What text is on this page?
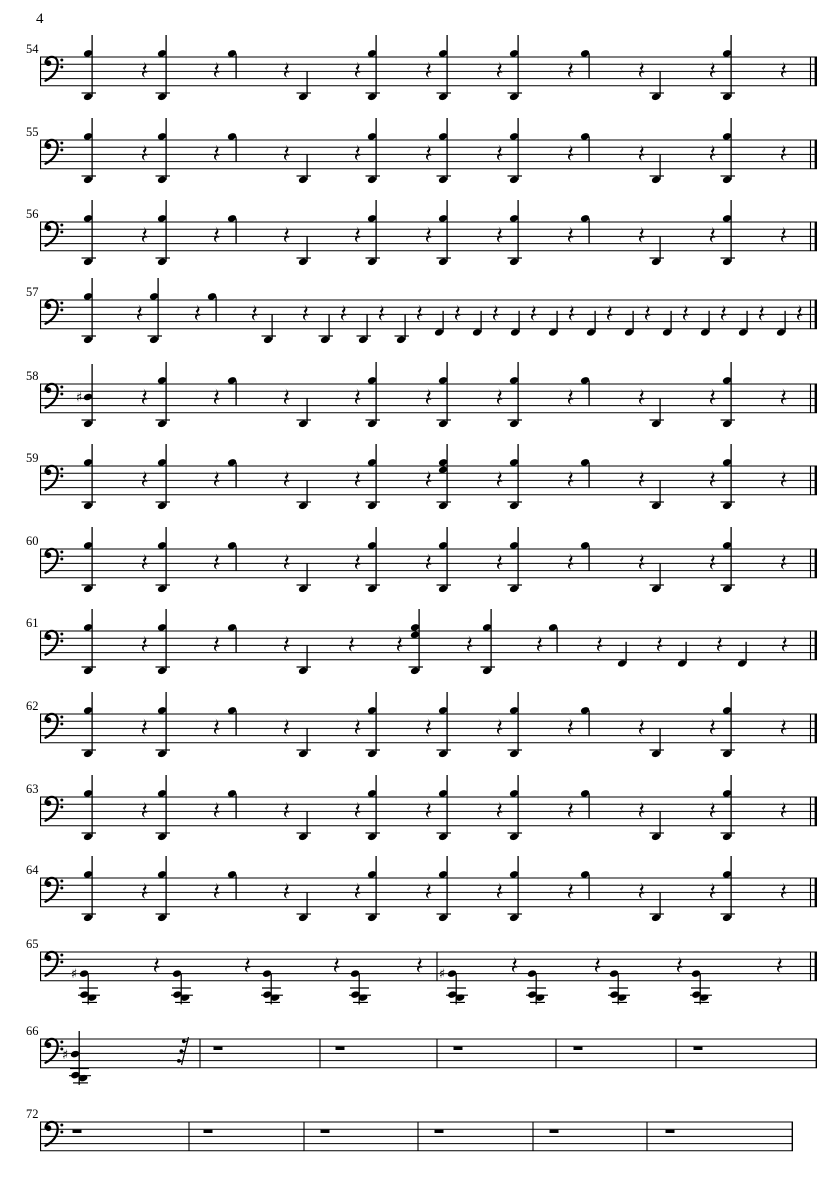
4
54
55
56
57
58
♯
59
60
61
62
63
64
65
♯	♯
66
♯
72
